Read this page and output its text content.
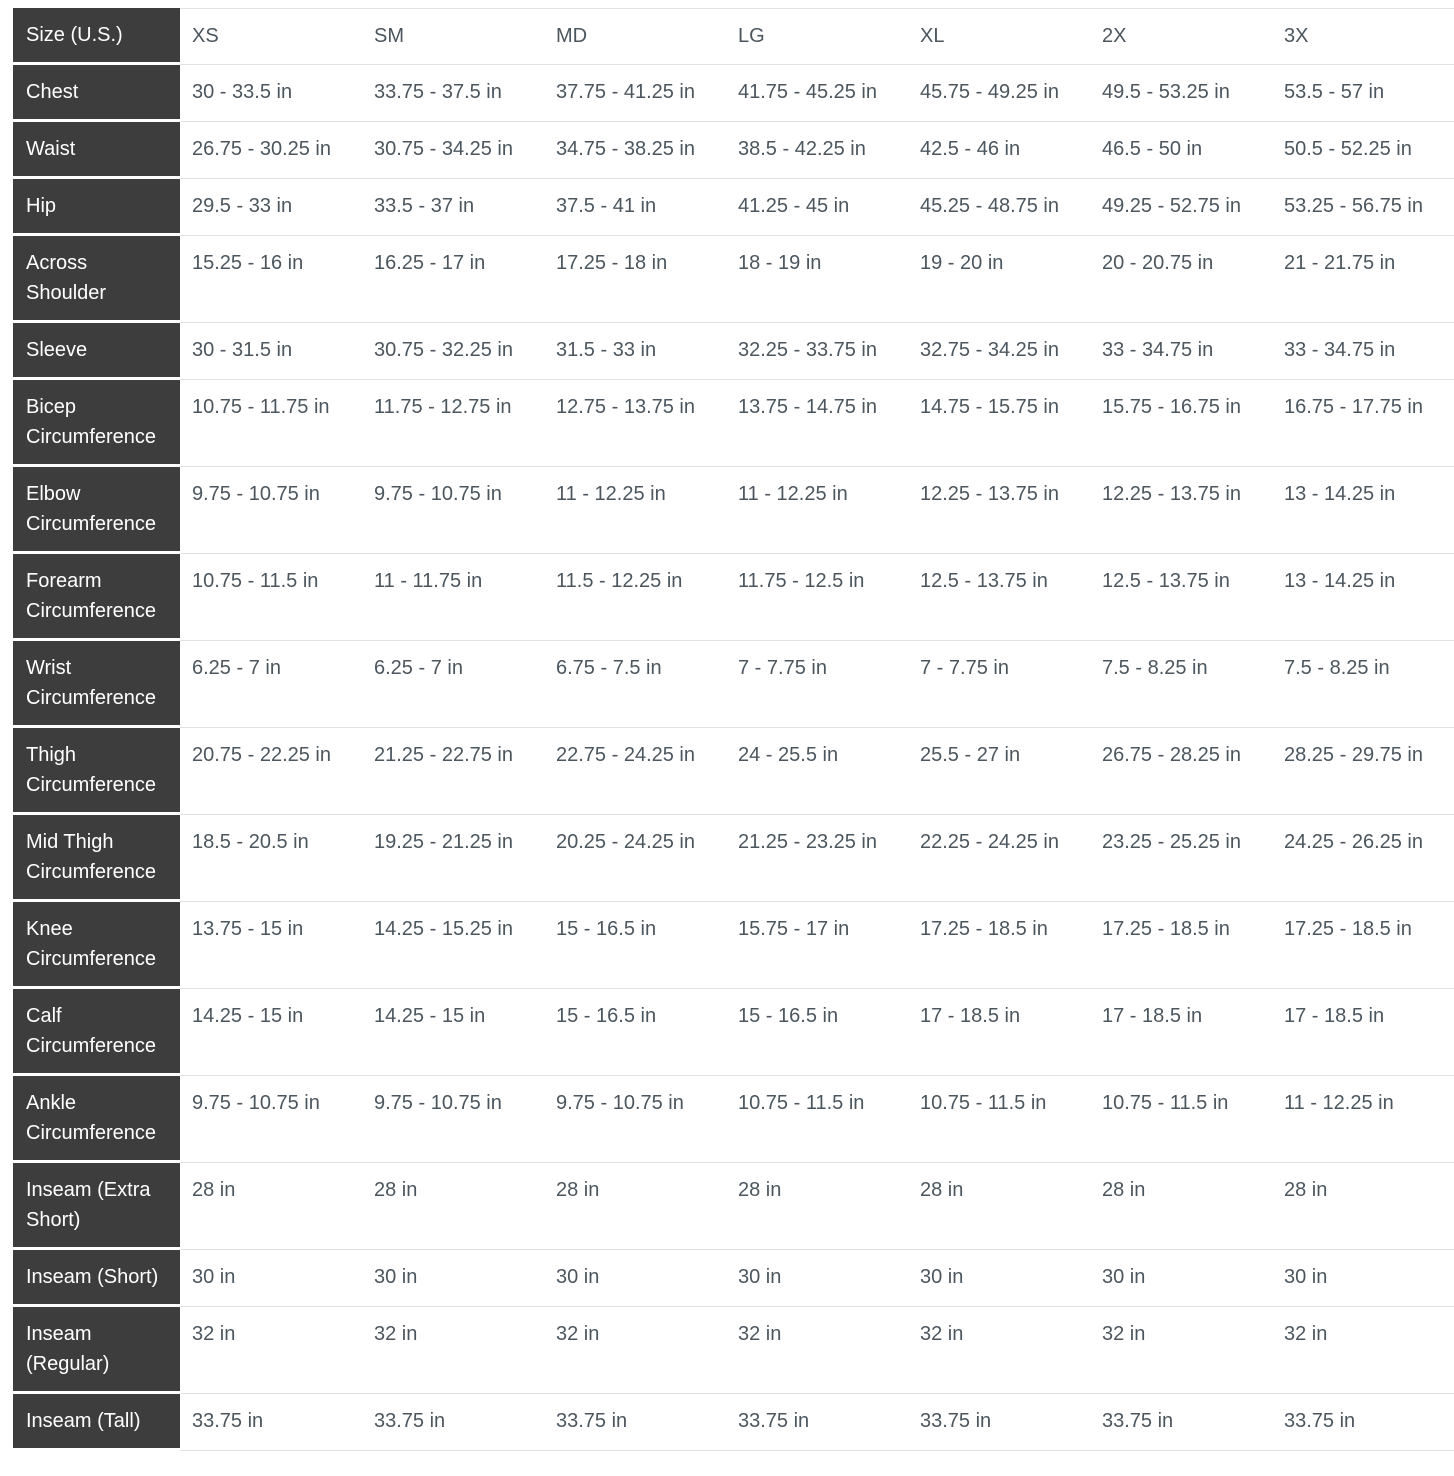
Size (U.S.)	XS	SM	MD	LG	XL	2X	3X
Chest	30 - 33.5 in	33.75 - 37.5 in	37.75 - 41.25 in	41.75 - 45.25 in	45.75 - 49.25 in	49.5 - 53.25 in	53.5 - 57 in
Waist	26.75 - 30.25 in	30.75 - 34.25 in	34.75 - 38.25 in	38.5 - 42.25 in	42.5 - 46 in	46.5 - 50 in	50.5 - 52.25 in
Hip	29.5 - 33 in	33.5 - 37 in	37.5 - 41 in	41.25 - 45 in	45.25 - 48.75 in	49.25 - 52.75 in	53.25 - 56.75 in
Across Shoulder	15.25 - 16 in	16.25 - 17 in	17.25 - 18 in	18 - 19 in	19 - 20 in	20 - 20.75 in	21 - 21.75 in
Sleeve	30 - 31.5 in	30.75 - 32.25 in	31.5 - 33 in	32.25 - 33.75 in	32.75 - 34.25 in	33 - 34.75 in	33 - 34.75 in
Bicep Circumference	10.75 - 11.75 in	11.75 - 12.75 in	12.75 - 13.75 in	13.75 - 14.75 in	14.75 - 15.75 in	15.75 - 16.75 in	16.75 - 17.75 in
Elbow Circumference	9.75 - 10.75 in	9.75 - 10.75 in	11 - 12.25 in	11 - 12.25 in	12.25 - 13.75 in	12.25 - 13.75 in	13 - 14.25 in
Forearm Circumference	10.75 - 11.5 in	11 - 11.75 in	11.5 - 12.25 in	11.75 - 12.5 in	12.5 - 13.75 in	12.5 - 13.75 in	13 - 14.25 in
Wrist Circumference	6.25 - 7 in	6.25 - 7 in	6.75 - 7.5 in	7 - 7.75 in	7 - 7.75 in	7.5 - 8.25 in	7.5 - 8.25 in
Thigh Circumference	20.75 - 22.25 in	21.25 - 22.75 in	22.75 - 24.25 in	24 - 25.5 in	25.5 - 27 in	26.75 - 28.25 in	28.25 - 29.75 in
Mid Thigh Circumference	18.5 - 20.5 in	19.25 - 21.25 in	20.25 - 24.25 in	21.25 - 23.25 in	22.25 - 24.25 in	23.25 - 25.25 in	24.25 - 26.25 in
Knee Circumference	13.75 - 15 in	14.25 - 15.25 in	15 - 16.5 in	15.75 - 17 in	17.25 - 18.5 in	17.25 - 18.5 in	17.25 - 18.5 in
Calf Circumference	14.25 - 15 in	14.25 - 15 in	15 - 16.5 in	15 - 16.5 in	17 - 18.5 in	17 - 18.5 in	17 - 18.5 in
Ankle Circumference	9.75 - 10.75 in	9.75 - 10.75 in	9.75 - 10.75 in	10.75 - 11.5 in	10.75 - 11.5 in	10.75 - 11.5 in	11 - 12.25 in
Inseam (Extra Short)	28 in	28 in	28 in	28 in	28 in	28 in	28 in
Inseam (Short)	30 in	30 in	30 in	30 in	30 in	30 in	30 in
Inseam (Regular)	32 in	32 in	32 in	32 in	32 in	32 in	32 in
Inseam (Tall)	33.75 in	33.75 in	33.75 in	33.75 in	33.75 in	33.75 in	33.75 in
